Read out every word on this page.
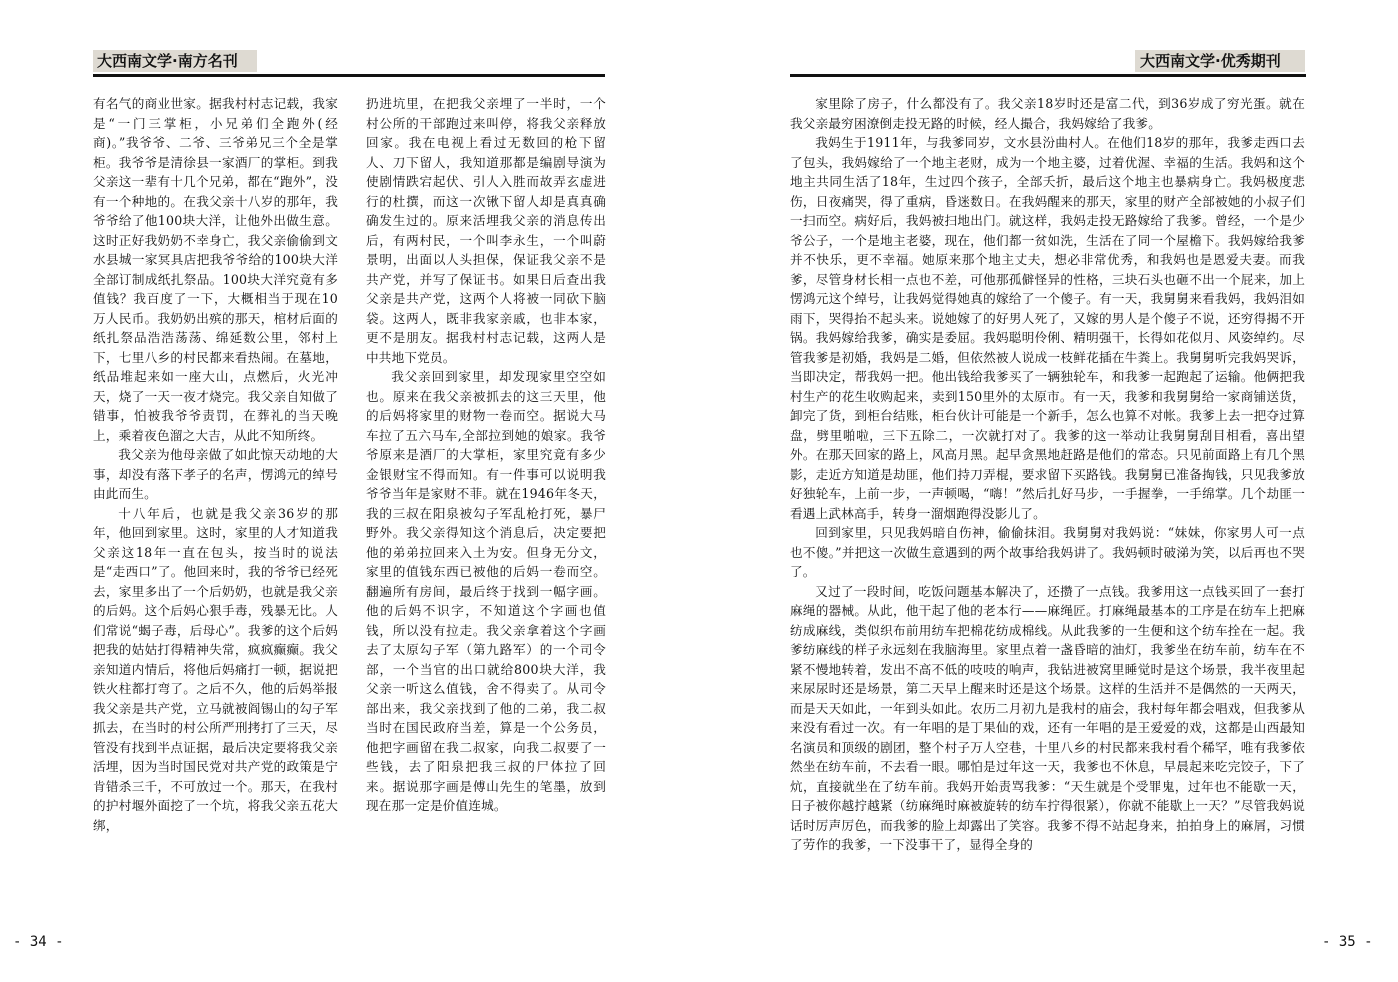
大西南文学·南方名刊

有名气的商业世家。据我村村志记载，我家是“一门三掌柜，小兄弟们全跑外(经商)。”我爷爷、二爷、三爷弟兄三个全是掌柜。我爷爷是清徐县一家酒厂的掌柜。到我父亲这一辈有十几个兄弟，都在“跑外”，没有一个种地的。在我父亲十八岁的那年，我爷爷给了他100块大洋，让他外出做生意。这时正好我奶奶不幸身亡，我父亲偷偷到文水县城一家冥具店把我爷爷给的100块大洋全部订制成纸扎祭品。100块大洋究竟有多值钱？我百度了一下，大概相当于现在10万人民币。我奶奶出殡的那天，棺材后面的纸扎祭品浩浩荡荡、绵延数公里，邻村上下，七里八乡的村民都来看热闹。在墓地，纸品堆起来如一座大山，点燃后，火光冲天，烧了一天一夜才烧完。我父亲自知做了错事，怕被我爷爷责罚，在葬礼的当天晚上，乘着夜色溜之大吉，从此不知所终。

我父亲为他母亲做了如此惊天动地的大事，却没有落下孝子的名声，愣鸿元的绰号由此而生。

十八年后，也就是我父亲36岁的那年，他回到家里。这时，家里的人才知道我父亲这18年一直在包头，按当时的说法是“走西口”了。他回来时，我的爷爷已经死去，家里多出了一个后奶奶，也就是我父亲的后妈。这个后妈心狠手毒，残暴无比。人们常说“蝎子毒，后母心”。我爹的这个后妈把我的姑姑打得精神失常，疯疯癫癫。我父亲知道内情后，将他后妈痛打一顿，据说把铁火柱都打弯了。之后不久，他的后妈举报我父亲是共产党，立马就被阎锡山的勾子军抓去，在当时的村公所严刑拷打了三天，尽管没有找到半点证据，最后决定要将我父亲活埋，因为当时国民党对共产党的政策是宁肯错杀三千，不可放过一个。那天，在我村的护村堰外面挖了一个坑，将我父亲五花大绑，

扔进坑里，在把我父亲埋了一半时，一个村公所的干部跑过来叫停，将我父亲释放回家。我在电视上看过无数回的枪下留人、刀下留人，我知道那都是编剧导演为使剧情跌宕起伏、引人入胜而故弄玄虚进行的杜撰，而这一次锹下留人却是真真确确发生过的。原来活埋我父亲的消息传出后，有两村民，一个叫李永生，一个叫蔚景明，出面以人头担保，保证我父亲不是共产党，并写了保证书。如果日后查出我父亲是共产党，这两个人将被一同砍下脑袋。这两人，既非我家亲戚，也非本家，更不是朋友。据我村村志记载，这两人是中共地下党员。

我父亲回到家里，却发现家里空空如也。原来在我父亲被抓去的这三天里，他的后妈将家里的财物一卷而空。据说大马车拉了五六马车,全部拉到她的娘家。我爷爷原来是酒厂的大掌柜，家里究竟有多少金银财宝不得而知。有一件事可以说明我爷爷当年是家财不菲。就在1946年冬天，我的三叔在阳泉被勾子军乱枪打死，暴尸野外。我父亲得知这个消息后，决定要把他的弟弟拉回来入土为安。但身无分文，家里的值钱东西已被他的后妈一卷而空。翻遍所有房间，最后终于找到一幅字画。他的后妈不识字，不知道这个字画也值钱，所以没有拉走。我父亲拿着这个字画去了太原勾子军（第九路军）的一个司令部，一个当官的出口就给800块大洋，我父亲一听这么值钱，舍不得卖了。从司令部出来，我父亲找到了他的二弟，我二叔当时在国民政府当差，算是一个公务员，他把字画留在我二叔家，向我二叔要了一些钱，去了阳泉把我三叔的尸体拉了回来。据说那字画是傅山先生的笔墨，放到现在那一定是价值连城。

- 34 -
大西南文学·优秀期刊

家里除了房子，什么都没有了。我父亲18岁时还是富二代，到36岁成了穷光蛋。就在我父亲最穷困潦倒走投无路的时候，经人撮合，我妈嫁给了我爹。

我妈生于1911年，与我爹同岁，文水县汾曲村人。在他们18岁的那年，我爹走西口去了包头，我妈嫁给了一个地主老财，成为一个地主婆，过着优渥、幸福的生活。我妈和这个地主共同生活了18年，生过四个孩子，全部夭折，最后这个地主也暴病身亡。我妈极度悲伤，日夜痛哭，得了重病，昏迷数日。在我妈醒来的那天，家里的财产全部被她的小叔子们一扫而空。病好后，我妈被扫地出门。就这样，我妈走投无路嫁给了我爹。曾经，一个是少爷公子，一个是地主老婆，现在，他们都一贫如洗，生活在了同一个屋檐下。我妈嫁给我爹并不快乐，更不幸福。她原来那个地主丈夫，想必非常优秀，和我妈也是恩爱夫妻。而我爹，尽管身材长相一点也不差，可他那孤僻怪异的性格，三块石头也砸不出一个屁来，加上愣鸿元这个绰号，让我妈觉得她真的嫁给了一个傻子。有一天，我舅舅来看我妈，我妈泪如雨下，哭得抬不起头来。说她嫁了的好男人死了，又嫁的男人是个傻子不说，还穷得揭不开锅。我妈嫁给我爹，确实是委屈。我妈聪明伶俐、精明强干，长得如花似月、风姿绰约。尽管我爹是初婚，我妈是二婚，但依然被人说成一枝鲜花插在牛粪上。我舅舅听完我妈哭诉，当即决定，帮我妈一把。他出钱给我爹买了一辆独轮车，和我爹一起跑起了运输。他俩把我村生产的花生收购起来，卖到150里外的太原市。有一天，我爹和我舅舅给一家商铺送货，卸完了货，到柜台结账，柜台伙计可能是一个新手，怎么也算不对帐。我爹上去一把夺过算盘，劈里啪啦，三下五除二，一次就打对了。我爹的这一举动让我舅舅刮目相看，喜出望外。在那天回家的路上，风高月黑。起早贪黑地赶路是他们的常态。只见前面路上有几个黑影，走近方知道是劫匪，他们持刀弄棍，要求留下买路钱。我舅舅已准备掏钱，只见我爹放好独轮车，上前一步，一声顿喝，“嗨！”然后扎好马步，一手握拳，一手绵掌。几个劫匪一看遇上武林高手，转身一溜烟跑得没影儿了。

回到家里，只见我妈暗自伤神，偷偷抹泪。我舅舅对我妈说：“妹妹，你家男人可一点也不傻。”并把这一次做生意遇到的两个故事给我妈讲了。我妈顿时破涕为笑，以后再也不哭了。

又过了一段时间，吃饭问题基本解决了，还攒了一点钱。我爹用这一点钱买回了一套打麻绳的器械。从此，他干起了他的老本行——麻绳匠。打麻绳最基本的工序是在纺车上把麻纺成麻线，类似织布前用纺车把棉花纺成棉线。从此我爹的一生便和这个纺车拴在一起。我爹纺麻线的样子永远刻在我脑海里。家里点着一盏昏暗的油灯，我爹坐在纺车前，纺车在不紧不慢地转着，发出不高不低的吱吱的响声，我钻进被窝里睡觉时是这个场景，我半夜里起来尿尿时还是场景，第二天早上醒来时还是这个场景。这样的生活并不是偶然的一天两天，而是天天如此，一年到头如此。农历二月初九是我村的庙会，我村每年都会唱戏，但我爹从来没有看过一次。有一年唱的是丁果仙的戏，还有一年唱的是王爱爱的戏，这都是山西最知名演员和顶级的剧团，整个村子万人空巷，十里八乡的村民都来我村看个稀罕，唯有我爹依然坐在纺车前，不去看一眼。哪怕是过年这一天，我爹也不休息，早晨起来吃完饺子，下了炕，直接就坐在了纺车前。我妈开始责骂我爹：“天生就是个受罪鬼，过年也不能歇一天，日子被你越拧越紧（纺麻绳时麻被旋转的纺车拧得很紧），你就不能歇上一天？”尽管我妈说话时厉声厉色，而我爹的脸上却露出了笑容。我爹不得不站起身来，拍拍身上的麻屑，习惯了劳作的我爹，一下没事干了，显得全身的

- 35 -
